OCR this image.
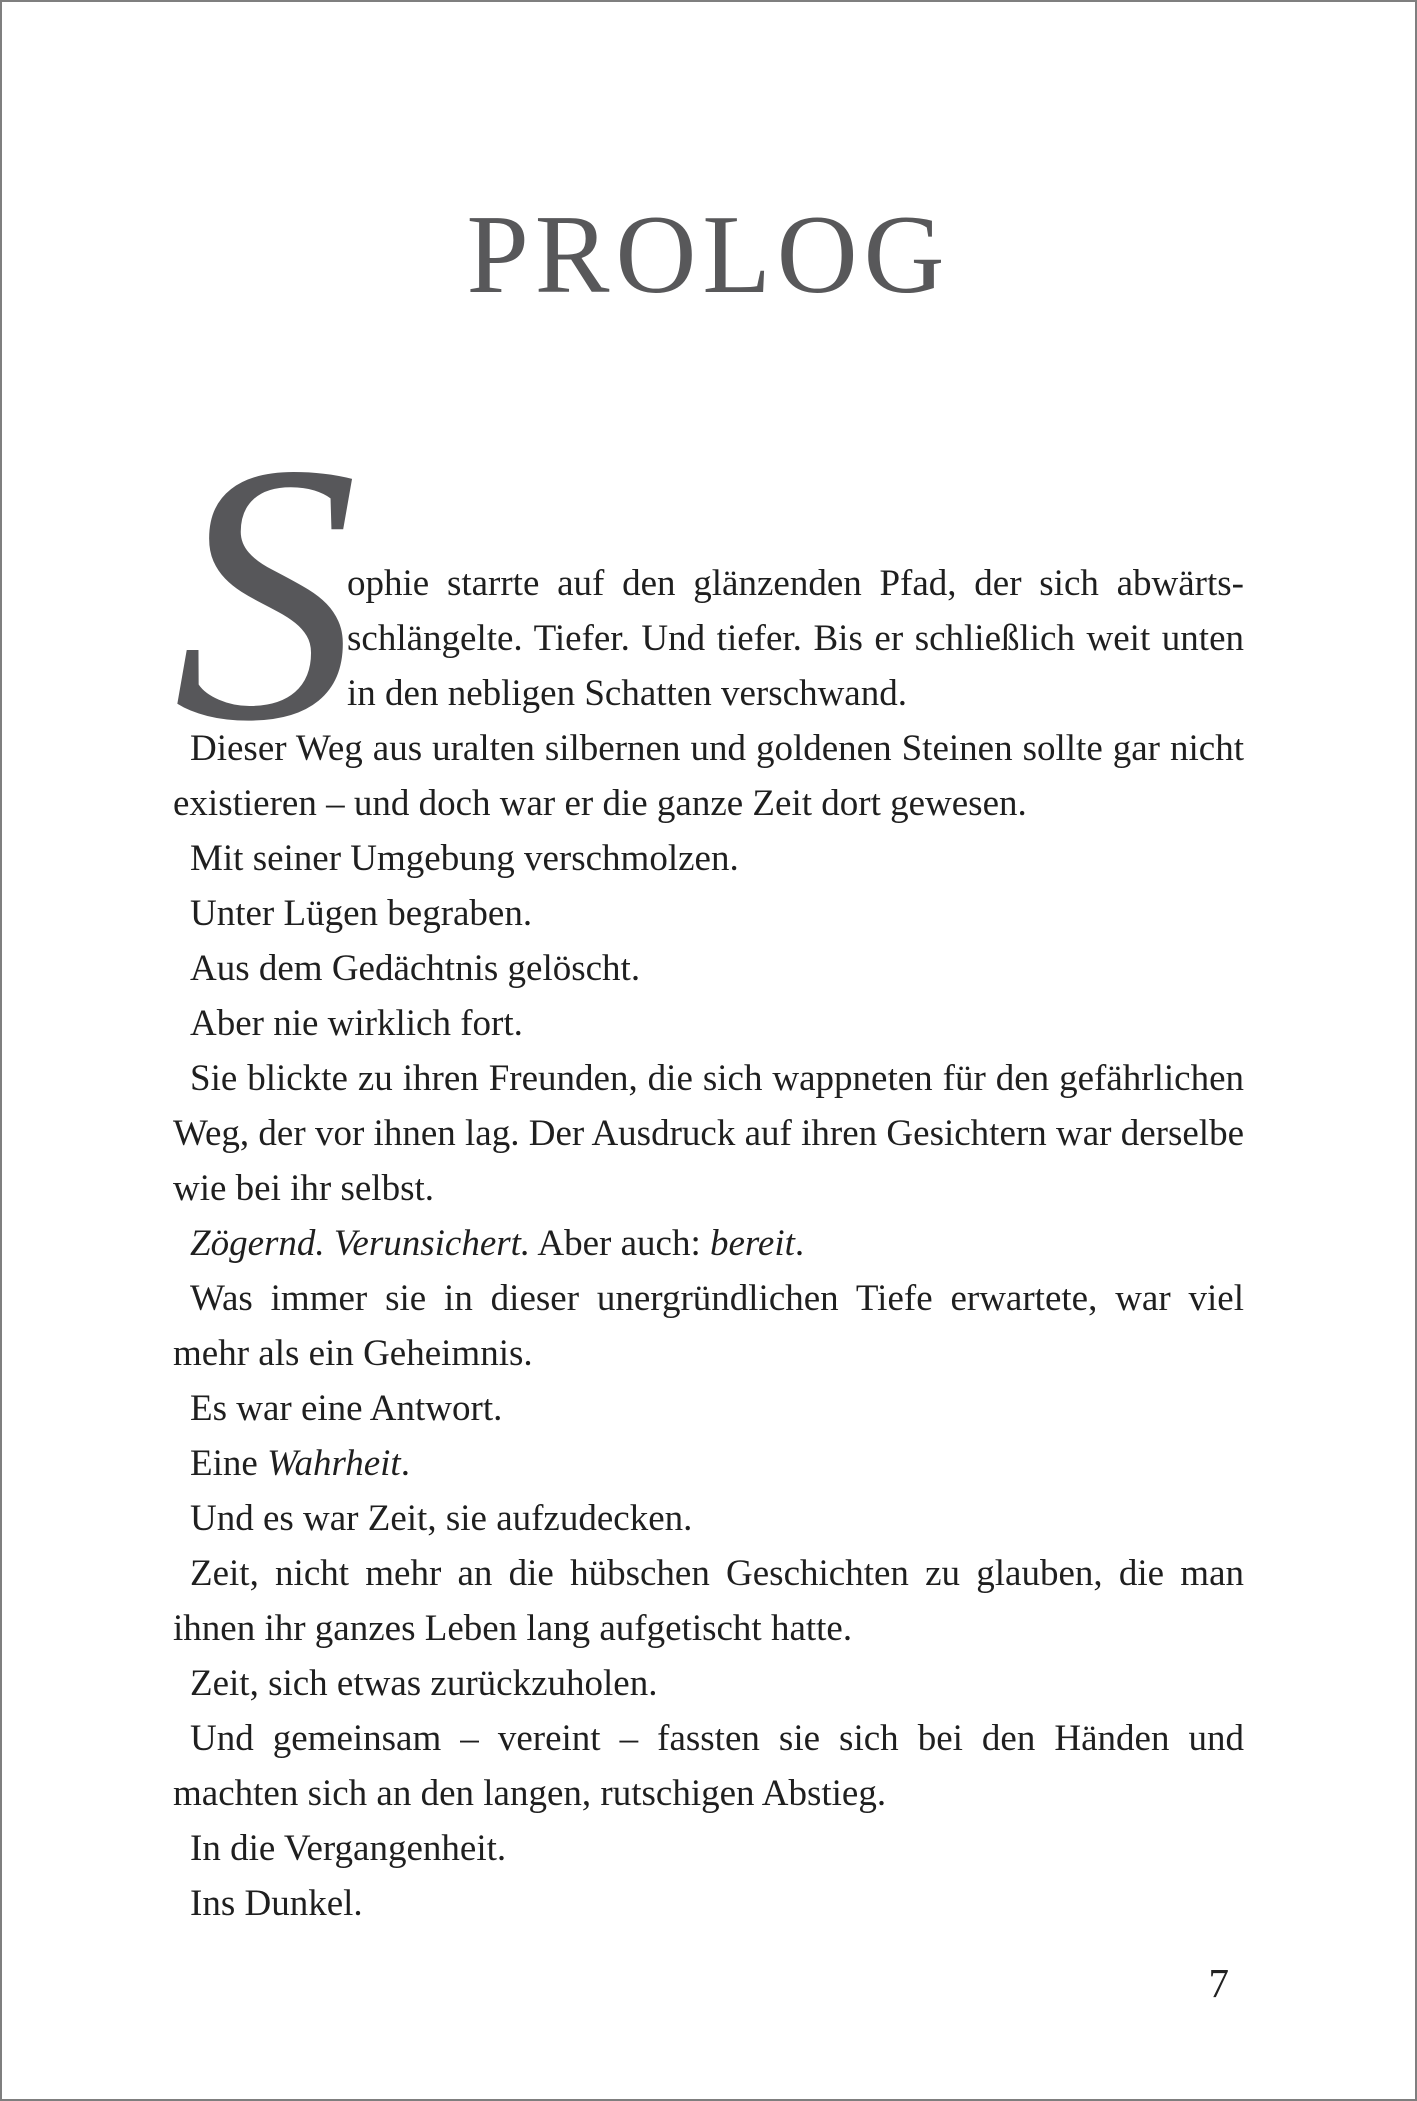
PROLOG

S
ophie starrte auf den glänzenden Pfad, der sich abwärtsschlängelte. Tiefer. Und tiefer. Bis er schließlich weit unten in den nebligen Schatten verschwand.

Dieser Weg aus uralten silbernen und goldenen Steinen sollte gar nicht existieren – und doch war er die ganze Zeit dort gewesen.

Mit seiner Umgebung verschmolzen.

Unter Lügen begraben.

Aus dem Gedächtnis gelöscht.

Aber nie wirklich fort.

Sie blickte zu ihren Freunden, die sich wappneten für den gefährlichen Weg, der vor ihnen lag. Der Ausdruck auf ihren Gesichtern war derselbe wie bei ihr selbst.

Zögernd. Verunsichert. Aber auch: bereit.

Was immer sie in dieser unergründlichen Tiefe erwartete, war viel mehr als ein Geheimnis.

Es war eine Antwort.

Eine Wahrheit.

Und es war Zeit, sie aufzudecken.

Zeit, nicht mehr an die hübschen Geschichten zu glauben, die man ihnen ihr ganzes Leben lang aufgetischt hatte.

Zeit, sich etwas zurückzuholen.

Und gemeinsam – vereint – fassten sie sich bei den Händen und machten sich an den langen, rutschigen Abstieg.

In die Vergangenheit.

Ins Dunkel.

7
